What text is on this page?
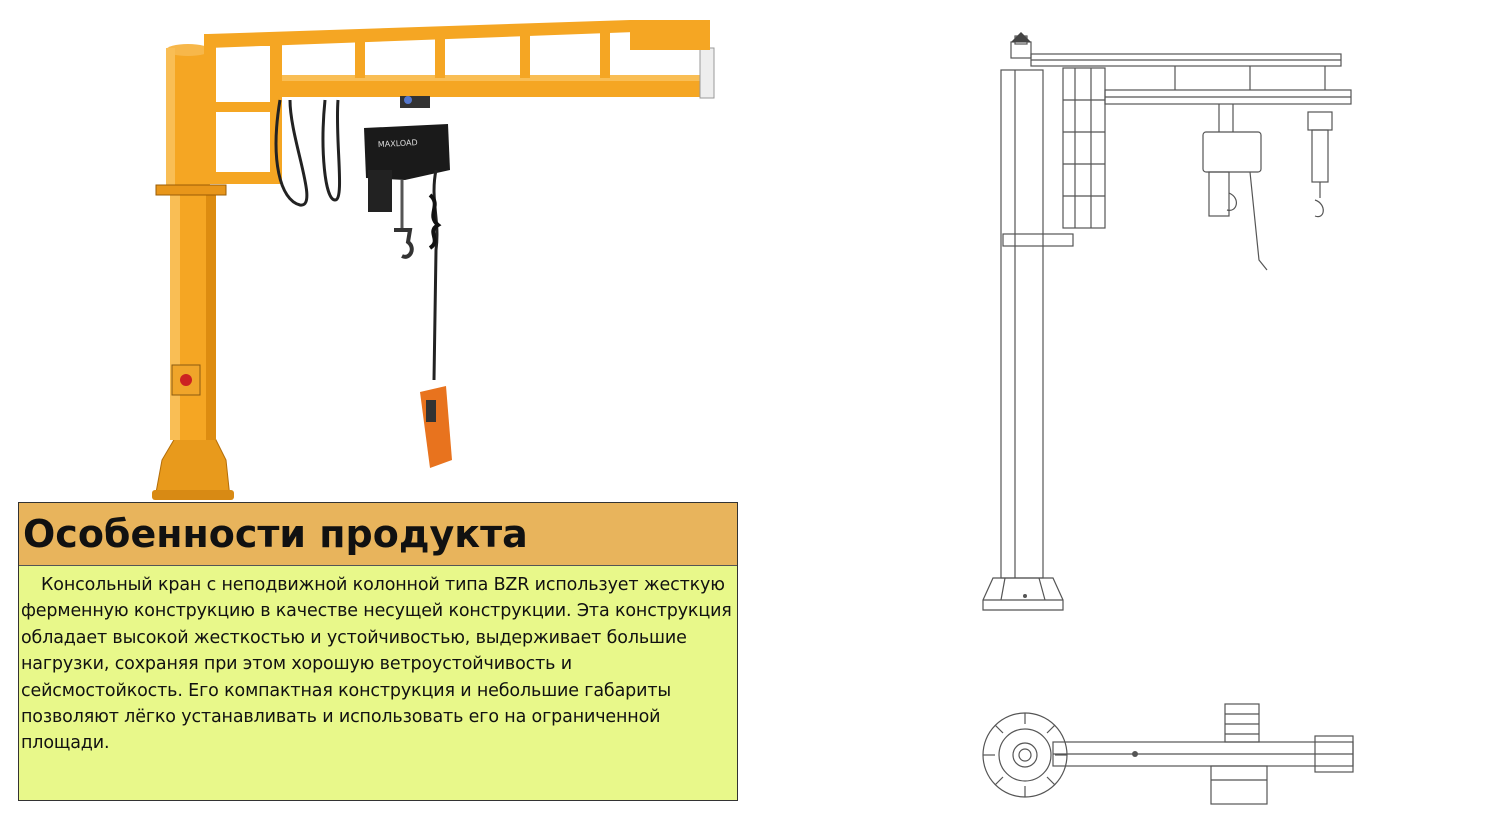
MAXLOAD
Особенности продукта
Консольный кран с неподвижной колонной типа BZR использует жесткую ферменную конструкцию в качестве несущей конструкции. Эта конструкция обладает высокой жесткостью и устойчивостью, выдерживает большие нагрузки, сохраняя при этом хорошую ветроустойчивость и сейсмостойкость. Его компактная конструкция и небольшие габариты позволяют лёгко устанавливать и использовать его на ограниченной площади.
